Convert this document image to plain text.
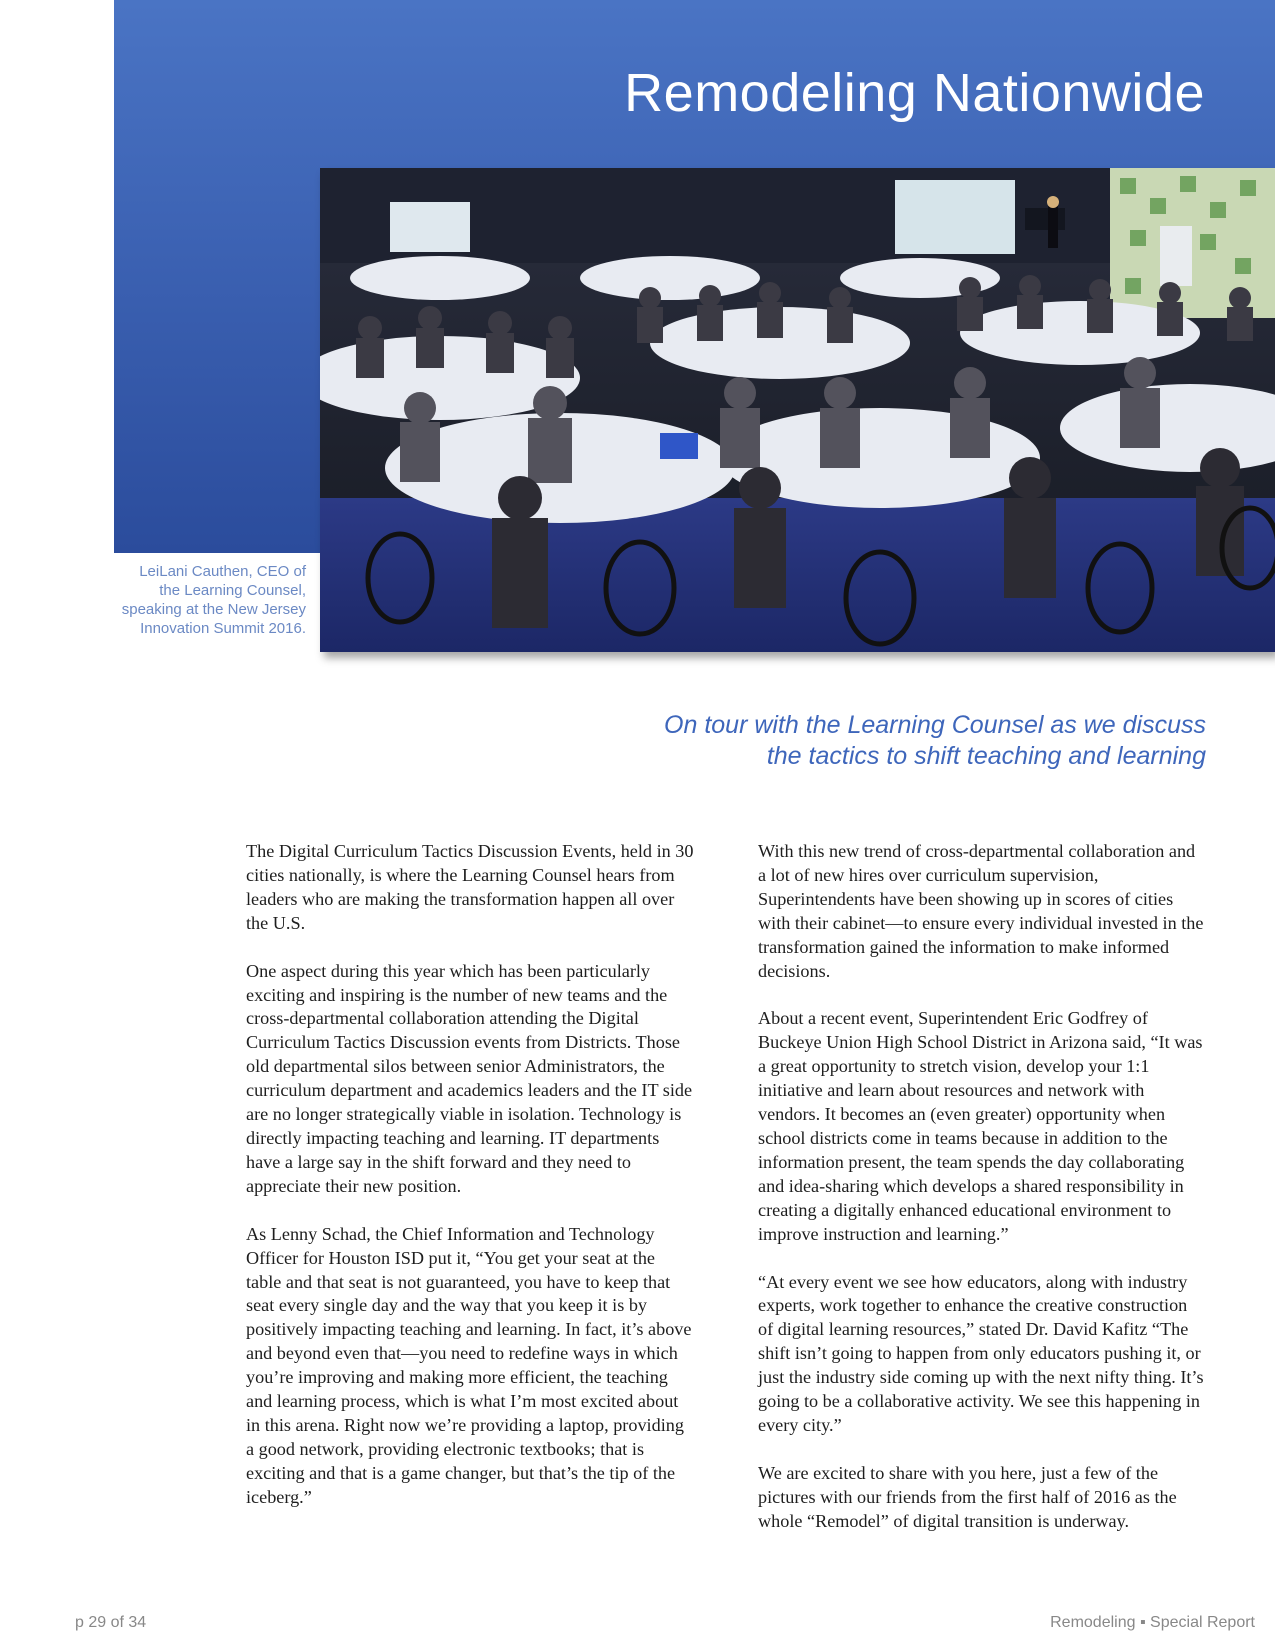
Remodeling Nationwide
LeiLani Cauthen, CEO of the Learning Counsel, speaking at the New Jersey Innovation Summit 2016.
On tour with the Learning Counsel as we discuss
the tactics to shift teaching and learning

The Digital Curriculum Tactics Discussion Events, held in 30 cities nationally, is where the Learning Counsel hears from leaders who are making the transformation happen all over the U.S.

One aspect during this year which has been particularly exciting and inspiring is the number of new teams and the cross-departmental collaboration attending the Digital Curriculum Tactics Discussion events from Districts. Those old departmental silos between senior Administrators, the curriculum department and academics leaders and the IT side are no longer strategically viable in isolation. Technology is directly impacting teaching and learning. IT departments have a large say in the shift forward and they need to appreciate their new position.

As Lenny Schad, the Chief Information and Technology Officer for Houston ISD put it, “You get your seat at the table and that seat is not guaranteed, you have to keep that seat every single day and the way that you keep it is by positively impacting teaching and learning. In fact, it’s above and beyond even that—you need to redefine ways in which you’re improving and making more efficient, the teaching and learning process, which is what I’m most excited about in this arena. Right now we’re providing a laptop, providing a good network, providing electronic textbooks; that is exciting and that is a game changer, but that’s the tip of the iceberg.”

With this new trend of cross-departmental collaboration and a lot of new hires over curriculum supervision, Superintendents have been showing up in scores of cities with their cabinet—to ensure every individual invested in the transformation gained the information to make informed decisions.

About a recent event, Superintendent Eric Godfrey of Buckeye Union High School District in Arizona said, “It was a great opportunity to stretch vision, develop your 1:1 initiative and learn about resources and network with vendors. It becomes an (even greater) opportunity when school districts come in teams because in addition to the information present, the team spends the day collaborating and idea-sharing which develops a shared responsibility in creating a digitally enhanced educational environment to improve instruction and learning.”

“At every event we see how educators, along with industry experts, work together to enhance the creative construction of digital learning resources,” stated Dr. David Kafitz “The shift isn’t going to happen from only educators pushing it, or just the industry side coming up with the next nifty thing. It’s going to be a collaborative activity. We see this happening in every city.”

We are excited to share with you here, just a few of the pictures with our friends from the first half of 2016 as the whole “Remodel” of digital transition is underway.

p 29 of 34	Remodeling ▪ Special Report
